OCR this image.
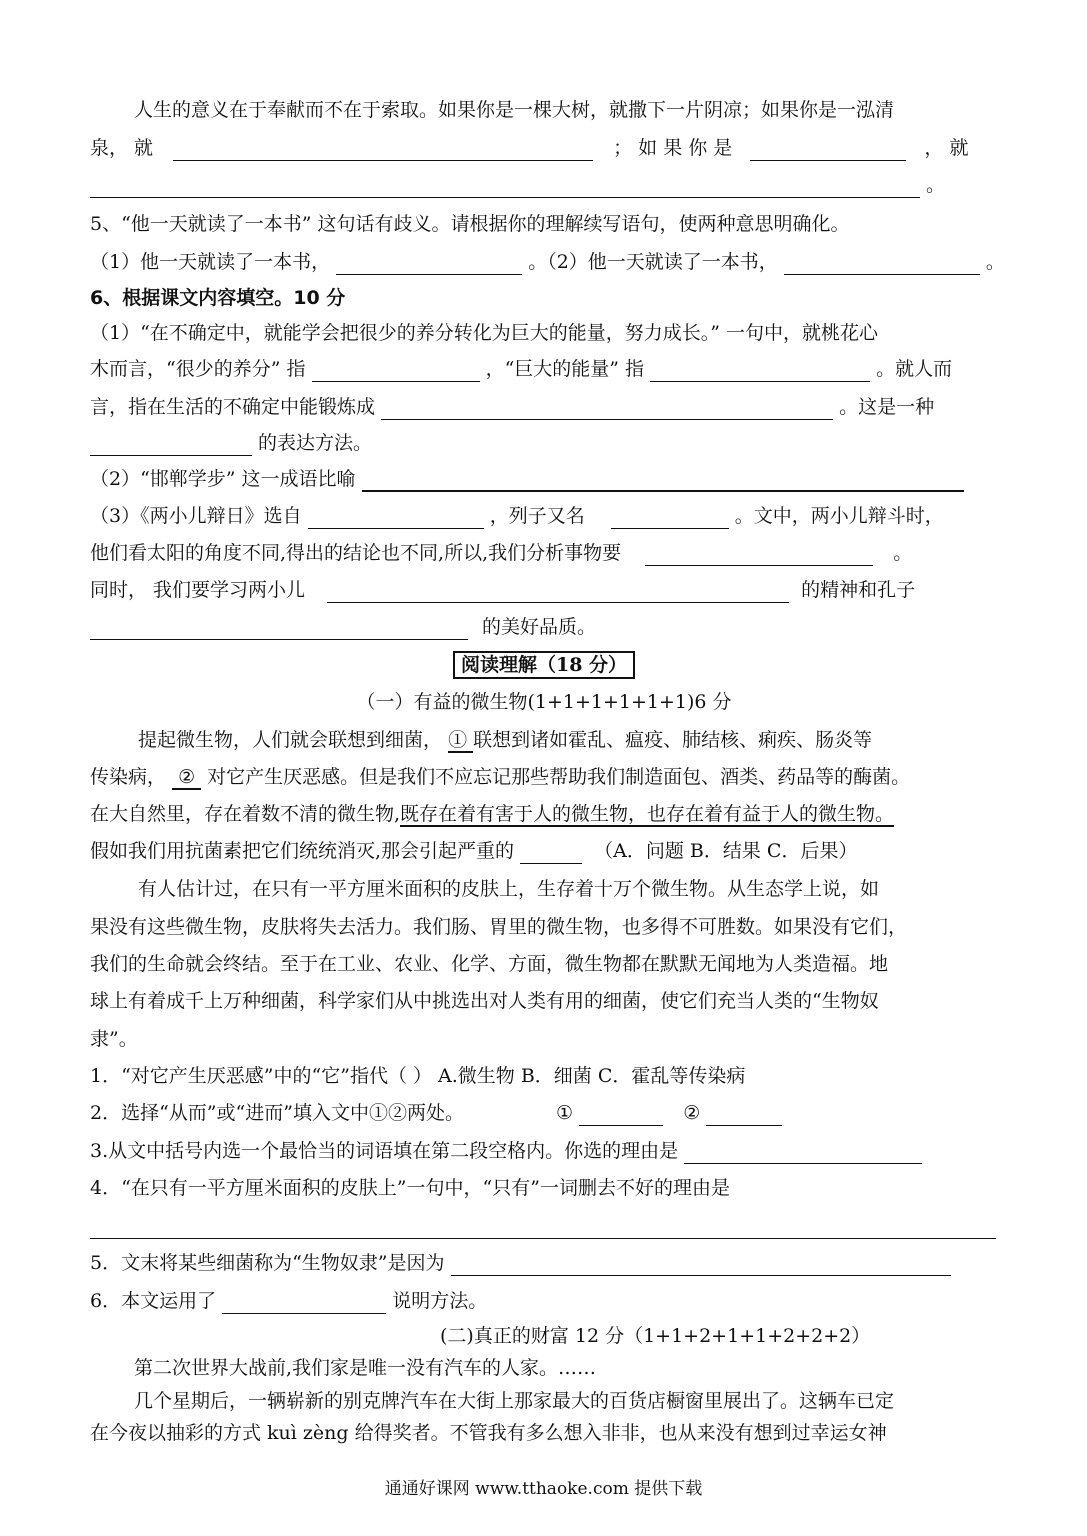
人生的意义在于奉献而不在于索取。如果你是一棵大树，就撒下一片阴凉；如果你是一泓清
泉， 就	； 如 果 你 是	， 就
。
5、“他一天就读了一本书” 这句话有歧义。请根据你的理解续写语句，使两种意思明确化。
（1）他一天就读了一本书，	。（2）他一天就读了一本书，	。
6、根据课文内容填空。10 分
（1）“在不确定中，就能学会把很少的养分转化为巨大的能量，努力成长。” 一句中，就桃花心
木而言，“很少的养分” 指	，“巨大的能量” 指	。就人而
言，指在生活的不确定中能锻炼成	。这是一种
的表达方法。
（2）“邯郸学步” 这一成语比喻
（3）《两小儿辩日》选自	，列子又名	。文中，两小儿辩斗时，
他们看太阳的角度不同,得出的结论也不同,所以,我们分析事物要	。
同时， 我们要学习两小儿	的精神和孔子
的美好品质。
阅读理解（18 分）
（一）有益的微生物(1+1+1+1+1+1)6 分
提起微生物，人们就会联想到细菌， ① 联想到诸如霍乱、瘟疫、肺结核、痢疾、肠炎等
传染病， ② 对它产生厌恶感。但是我们不应忘记那些帮助我们制造面包、酒类、药品等的酶菌。
在大自然里，存在着数不清的微生物,既存在着有害于人的微生物，也存在着有益于人的微生物。
假如我们用抗菌素把它们统统消灭,那会引起严重的	（A．问题 B．结果 C．后果）
有人估计过，在只有一平方厘米面积的皮肤上，生存着十万个微生物。从生态学上说，如
果没有这些微生物，皮肤将失去活力。我们肠、胃里的微生物，也多得不可胜数。如果没有它们，
我们的生命就会终结。至于在工业、农业、化学、方面，微生物都在默默无闻地为人类造福。地
球上有着成千上万种细菌，科学家们从中挑选出对人类有用的细菌，使它们充当人类的“生物奴
隶”。
1．“对它产生厌恶感”中的“它”指代（ ） A.微生物 B．细菌 C．霍乱等传染病
2．选择“从而”或“进而”填入文中①②两处。	①	②
3.从文中括号内选一个最恰当的词语填在第二段空格内。你选的理由是
4．“在只有一平方厘米面积的皮肤上”一句中，“只有”一词删去不好的理由是
5．文末将某些细菌称为“生物奴隶”是因为
6．本文运用了	说明方法。
(二)真正的财富 12 分（1+1+2+1+1+2+2+2）
第二次世界大战前,我们家是唯一没有汽车的人家。……
几个星期后，一辆崭新的别克牌汽车在大街上那家最大的百货店橱窗里展出了。这辆车已定
在今夜以抽彩的方式 kuì zèng 给得奖者。不管我有多么想入非非，也从来没有想到过幸运女神
通通好课网 www.tthaoke.com 提供下载
